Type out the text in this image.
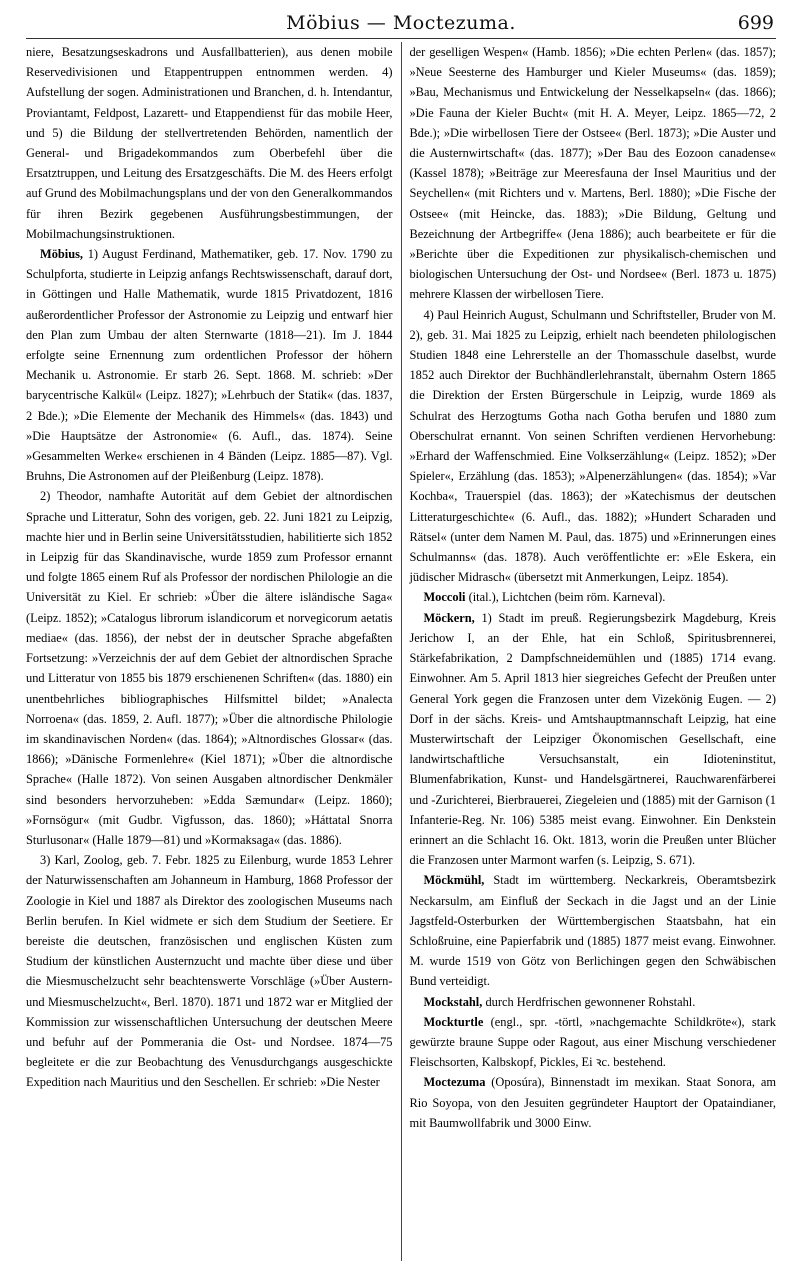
Möbius — Moctezuma.	699

niere, Besatzungseskadrons und Ausfallbatterien), aus denen mobile Reservedivisionen und Etappentruppen entnommen werden. 4) Aufstellung der sogen. Administrationen und Branchen, d. h. Intendantur, Proviantamt, Feldpost, Lazarett- und Etappendienst für das mobile Heer, und 5) die Bildung der stellvertretenden Behörden, namentlich der General- und Brigadekommandos zum Oberbefehl über die Ersatztruppen, und Leitung des Ersatzgeschäfts. Die M. des Heers erfolgt auf Grund des Mobilmachungsplans und der von den Generalkommandos für ihren Bezirk gegebenen Ausführungsbestimmungen, der Mobilmachungsinstruktionen.

Möbius, 1) August Ferdinand, Mathematiker, geb. 17. Nov. 1790 zu Schulpforta, studierte in Leipzig anfangs Rechtswissenschaft, darauf dort, in Göttingen und Halle Mathematik, wurde 1815 Privatdozent, 1816 außerordentlicher Professor der Astronomie zu Leipzig und entwarf hier den Plan zum Umbau der alten Sternwarte (1818—21). Im J. 1844 erfolgte seine Ernennung zum ordentlichen Professor der höhern Mechanik u. Astronomie. Er starb 26. Sept. 1868. M. schrieb: »Der barycentrische Kalkül« (Leipz. 1827); »Lehrbuch der Statik« (das. 1837, 2 Bde.); »Die Elemente der Mechanik des Himmels« (das. 1843) und »Die Hauptsätze der Astronomie« (6. Aufl., das. 1874). Seine »Gesammelten Werke« erschienen in 4 Bänden (Leipz. 1885—87). Vgl. Bruhns, Die Astronomen auf der Pleißenburg (Leipz. 1878).

2) Theodor, namhafte Autorität auf dem Gebiet der altnordischen Sprache und Litteratur, Sohn des vorigen, geb. 22. Juni 1821 zu Leipzig, machte hier und in Berlin seine Universitätsstudien, habilitierte sich 1852 in Leipzig für das Skandinavische, wurde 1859 zum Professor ernannt und folgte 1865 einem Ruf als Professor der nordischen Philologie an die Universität zu Kiel. Er schrieb: »Über die ältere isländische Saga« (Leipz. 1852); »Catalogus librorum islandicorum et norvegicorum aetatis mediae« (das. 1856), der nebst der in deutscher Sprache abgefaßten Fortsetzung: »Verzeichnis der auf dem Gebiet der altnordischen Sprache und Litteratur von 1855 bis 1879 erschienenen Schriften« (das. 1880) ein unentbehrliches bibliographisches Hilfsmittel bildet; »Analecta Norroena« (das. 1859, 2. Aufl. 1877); »Über die altnordische Philologie im skandinavischen Norden« (das. 1864); »Altnordisches Glossar« (das. 1866); »Dänische Formenlehre« (Kiel 1871); »Über die altnordische Sprache« (Halle 1872). Von seinen Ausgaben altnordischer Denkmäler sind besonders hervorzuheben: »Edda Sæmundar« (Leipz. 1860); »Fornsögur« (mit Gudbr. Vigfusson, das. 1860); »Háttatal Snorra Sturlusonar« (Halle 1879—81) und »Kormaksaga« (das. 1886).

3) Karl, Zoolog, geb. 7. Febr. 1825 zu Eilenburg, wurde 1853 Lehrer der Naturwissenschaften am Johanneum in Hamburg, 1868 Professor der Zoologie in Kiel und 1887 als Direktor des zoologischen Museums nach Berlin berufen. In Kiel widmete er sich dem Studium der Seetiere. Er bereiste die deutschen, französischen und englischen Küsten zum Studium der künstlichen Austernzucht und machte über diese und über die Miesmuschelzucht sehr beachtenswerte Vorschläge (»Über Austern- und Miesmuschelzucht«, Berl. 1870). 1871 und 1872 war er Mitglied der Kommission zur wissenschaftlichen Untersuchung der deutschen Meere und befuhr auf der Pommerania die Ost- und Nordsee. 1874—75 begleitete er die zur Beobachtung des Venusdurchgangs ausgeschickte Expedition nach Mauritius und den Seschellen. Er schrieb: »Die Nester

der geselligen Wespen« (Hamb. 1856); »Die echten Perlen« (das. 1857); »Neue Seesterne des Hamburger und Kieler Museums« (das. 1859); »Bau, Mechanismus und Entwickelung der Nesselkapseln« (das. 1866); »Die Fauna der Kieler Bucht« (mit H. A. Meyer, Leipz. 1865—72, 2 Bde.); »Die wirbellosen Tiere der Ostsee« (Berl. 1873); »Die Auster und die Austernwirtschaft« (das. 1877); »Der Bau des Eozoon canadense« (Kassel 1878); »Beiträge zur Meeresfauna der Insel Mauritius und der Seychellen« (mit Richters und v. Martens, Berl. 1880); »Die Fische der Ostsee« (mit Heincke, das. 1883); »Die Bildung, Geltung und Bezeichnung der Artbegriffe« (Jena 1886); auch bearbeitete er für die »Berichte über die Expeditionen zur physikalisch-chemischen und biologischen Untersuchung der Ost- und Nordsee« (Berl. 1873 u. 1875) mehrere Klassen der wirbellosen Tiere.

4) Paul Heinrich August, Schulmann und Schriftsteller, Bruder von M. 2), geb. 31. Mai 1825 zu Leipzig, erhielt nach beendeten philologischen Studien 1848 eine Lehrerstelle an der Thomasschule daselbst, wurde 1852 auch Direktor der Buchhändlerlehranstalt, übernahm Ostern 1865 die Direktion der Ersten Bürgerschule in Leipzig, wurde 1869 als Schulrat des Herzogtums Gotha nach Gotha berufen und 1880 zum Oberschulrat ernannt. Von seinen Schriften verdienen Hervorhebung: »Erhard der Waffenschmied. Eine Volkserzählung« (Leipz. 1852); »Der Spieler«, Erzählung (das. 1853); »Alpenerzählungen« (das. 1854); »Var Kochba«, Trauerspiel (das. 1863); der »Katechismus der deutschen Litteraturgeschichte« (6. Aufl., das. 1882); »Hundert Scharaden und Rätsel« (unter dem Namen M. Paul, das. 1875) und »Erinnerungen eines Schulmanns« (das. 1878). Auch veröffentlichte er: »Ele Eskera, ein jüdischer Midrasch« (übersetzt mit Anmerkungen, Leipz. 1854).

Moccoli (ital.), Lichtchen (beim röm. Karneval).

Möckern, 1) Stadt im preuß. Regierungsbezirk Magdeburg, Kreis Jerichow I, an der Ehle, hat ein Schloß, Spiritusbrennerei, Stärkefabrikation, 2 Dampfschneidemühlen und (1885) 1714 evang. Einwohner. Am 5. April 1813 hier siegreiches Gefecht der Preußen unter General York gegen die Franzosen unter dem Vizekönig Eugen. — 2) Dorf in der sächs. Kreis- und Amtshauptmannschaft Leipzig, hat eine Musterwirtschaft der Leipziger Ökonomischen Gesellschaft, eine landwirtschaftliche Versuchsanstalt, ein Idioteninstitut, Blumenfabrikation, Kunst- und Handelsgärtnerei, Rauchwarenfärberei und -Zurichterei, Bierbrauerei, Ziegeleien und (1885) mit der Garnison (1 Infanterie-Reg. Nr. 106) 5385 meist evang. Einwohner. Ein Denkstein erinnert an die Schlacht 16. Okt. 1813, worin die Preußen unter Blücher die Franzosen unter Marmont warfen (s. Leipzig, S. 671).

Möckmühl, Stadt im württemberg. Neckarkreis, Oberamtsbezirk Neckarsulm, am Einfluß der Seckach in die Jagst und an der Linie Jagstfeld-Osterburken der Württembergischen Staatsbahn, hat ein Schloßruine, eine Papierfabrik und (1885) 1877 meist evang. Einwohner. M. wurde 1519 von Götz von Berlichingen gegen den Schwäbischen Bund verteidigt.

Mockstahl, durch Herdfrischen gewonnener Rohstahl.

Mockturtle (engl., spr. -törtl, »nachgemachte Schildkröte«), stark gewürzte braune Suppe oder Ragout, aus einer Mischung verschiedener Fleischsorten, Kalbskopf, Pickles, Ei ꝛc. bestehend.

Moctezuma (Oposúra), Binnenstadt im mexikan. Staat Sonora, am Rio Soyopa, von den Jesuiten gegründeter Hauptort der Opataindianer, mit Baumwollfabrik und 3000 Einw.
